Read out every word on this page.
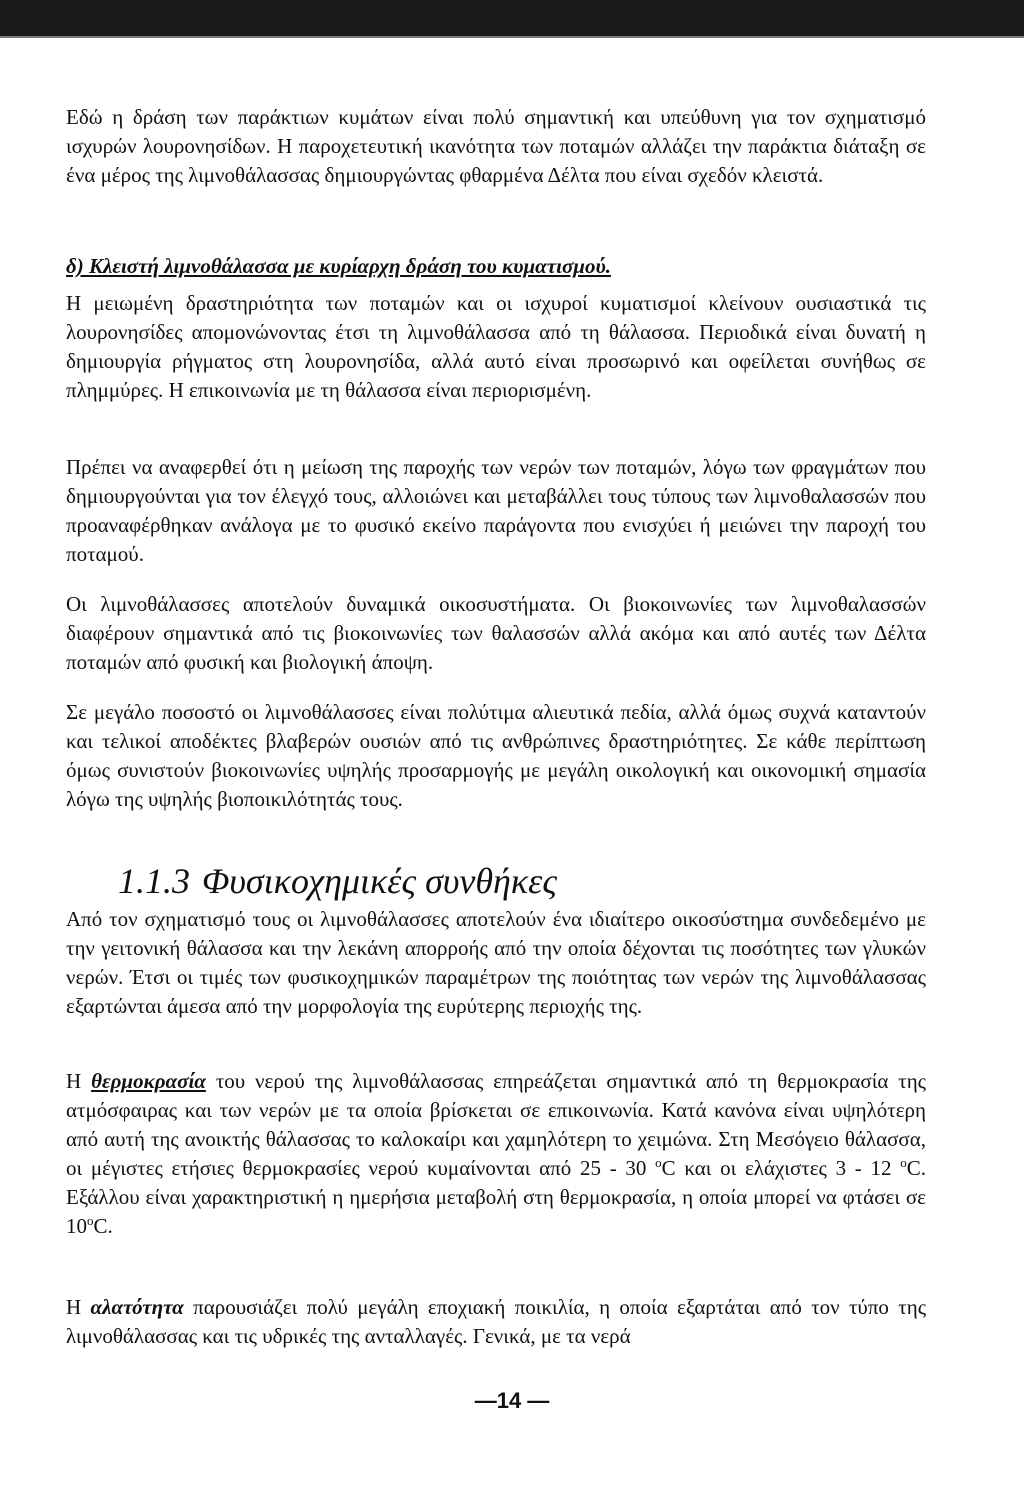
Εδώ η δράση των παράκτιων κυμάτων είναι πολύ σημαντική και υπεύθυνη για τον σχηματισμό ισχυρών λουρονησίδων. Η παροχετευτική ικανότητα των ποταμών αλλάζει την παράκτια διάταξη σε ένα μέρος της λιμνοθάλασσας δημιουργώντας φθαρμένα Δέλτα που είναι σχεδόν κλειστά.

δ) Κλειστή λιμνοθάλασσα με κυρίαρχη δράση του κυματισμού.

Η μειωμένη δραστηριότητα των ποταμών και οι ισχυροί κυματισμοί κλείνουν ουσιαστικά τις λουρονησίδες απομονώνοντας έτσι τη λιμνοθάλασσα από τη θάλασσα. Περιοδικά είναι δυνατή η δημιουργία ρήγματος στη λουρονησίδα, αλλά αυτό είναι προσωρινό και οφείλεται συνήθως σε πλημμύρες. Η επικοινωνία με τη θάλασσα είναι περιορισμένη.

Πρέπει να αναφερθεί ότι η μείωση της παροχής των νερών των ποταμών, λόγω των φραγμάτων που δημιουργούνται για τον έλεγχό τους, αλλοιώνει και μεταβάλλει τους τύπους των λιμνοθαλασσών που προαναφέρθηκαν ανάλογα με το φυσικό εκείνο παράγοντα που ενισχύει ή μειώνει την παροχή του ποταμού.

Οι λιμνοθάλασσες αποτελούν δυναμικά οικοσυστήματα. Οι βιοκοινωνίες των λιμνοθαλασσών διαφέρουν σημαντικά από τις βιοκοινωνίες των θαλασσών αλλά ακόμα και από αυτές των Δέλτα ποταμών από φυσική και βιολογική άποψη.

Σε μεγάλο ποσοστό οι λιμνοθάλασσες είναι πολύτιμα αλιευτικά πεδία, αλλά όμως συχνά καταντούν και τελικοί αποδέκτες βλαβερών ουσιών από τις ανθρώπινες δραστηριότητες. Σε κάθε περίπτωση όμως συνιστούν βιοκοινωνίες υψηλής προσαρμογής με μεγάλη οικολογική και οικονομική σημασία λόγω της υψηλής βιοποικιλότητάς τους.

1.1.3 Φυσικοχημικές συνθήκες

Από τον σχηματισμό τους οι λιμνοθάλασσες αποτελούν ένα ιδιαίτερο οικοσύστημα συνδεδεμένο με την γειτονική θάλασσα και την λεκάνη απορροής από την οποία δέχονται τις ποσότητες των γλυκών νερών. Έτσι οι τιμές των φυσικοχημικών παραμέτρων της ποιότητας των νερών της λιμνοθάλασσας εξαρτώνται άμεσα από την μορφολογία της ευρύτερης περιοχής της.

Η θερμοκρασία του νερού της λιμνοθάλασσας επηρεάζεται σημαντικά από τη θερμοκρασία της ατμόσφαιρας και των νερών με τα οποία βρίσκεται σε επικοινωνία. Κατά κανόνα είναι υψηλότερη από αυτή της ανοικτής θάλασσας το καλοκαίρι και χαμηλότερη το χειμώνα. Στη Μεσόγειο θάλασσα, οι μέγιστες ετήσιες θερμοκρασίες νερού κυμαίνονται από 25 - 30 $^o$C και οι ελάχιστες 3 - 12 $^o$C. Εξάλλου είναι χαρακτηριστική η ημερήσια μεταβολή στη θερμοκρασία, η οποία μπορεί να φτάσει σε 10$^o$C.

Η αλατότητα παρουσιάζει πολύ μεγάλη εποχιακή ποικιλία, η οποία εξαρτάται από τον τύπο της λιμνοθάλασσας και τις υδρικές της ανταλλαγές. Γενικά, με τα νερά

—14 —
